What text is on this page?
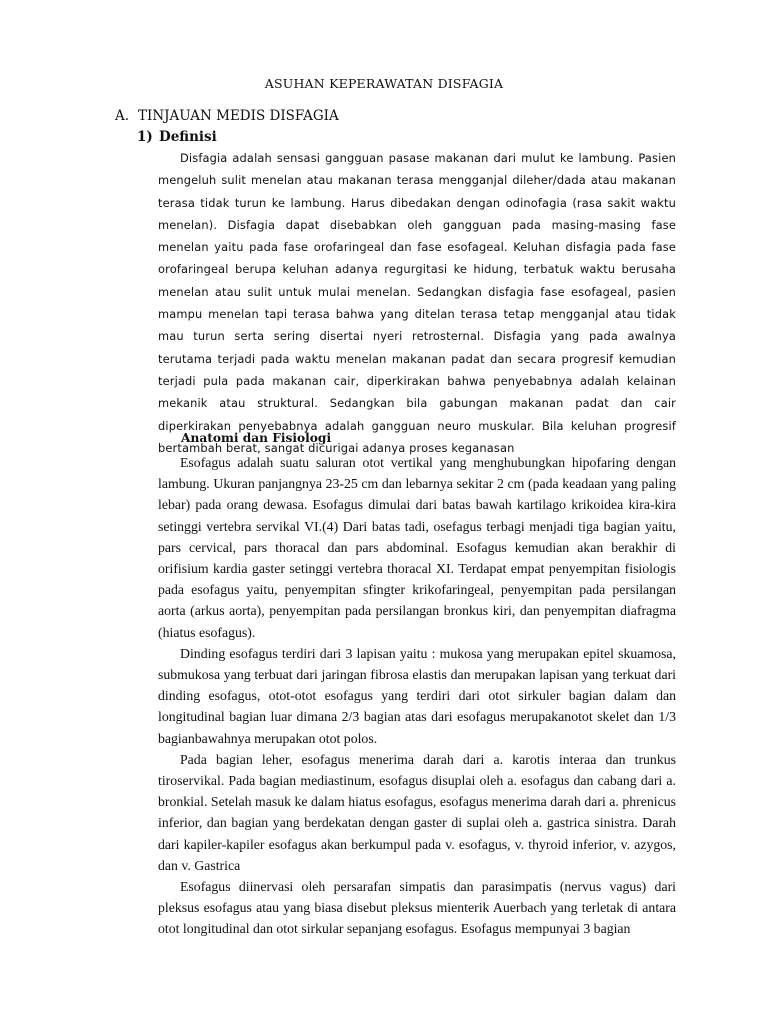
ASUHAN KEPERAWATAN DISFAGIA
A. TINJAUAN MEDIS DISFAGIA
1) Definisi

Disfagia adalah sensasi gangguan pasase makanan dari mulut ke lambung. Pasien mengeluh sulit menelan atau makanan terasa mengganjal dileher/dada atau makanan terasa tidak turun ke lambung. Harus dibedakan dengan odinofagia (rasa sakit waktu menelan). Disfagia dapat disebabkan oleh gangguan pada masing-masing fase menelan yaitu pada fase orofaringeal dan fase esofageal. Keluhan disfagia pada fase orofaringeal berupa keluhan adanya regurgitasi ke hidung, terbatuk waktu berusaha menelan atau sulit untuk mulai menelan. Sedangkan disfagia fase esofageal, pasien mampu menelan tapi terasa bahwa yang ditelan terasa tetap mengganjal atau tidak mau turun serta sering disertai nyeri retrosternal. Disfagia yang pada awalnya terutama terjadi pada waktu menelan makanan padat dan secara progresif kemudian terjadi pula pada makanan cair, diperkirakan bahwa penyebabnya adalah kelainan mekanik atau struktural. Sedangkan bila gabungan makanan padat dan cair diperkirakan penyebabnya adalah gangguan neuro muskular. Bila keluhan progresif bertambah berat, sangat dicurigai adanya proses keganasan

Anatomi dan Fisiologi

Esofagus adalah suatu saluran otot vertikal yang menghubungkan hipofaring dengan lambung. Ukuran panjangnya 23-25 cm dan lebarnya sekitar 2 cm (pada keadaan yang paling lebar) pada orang dewasa. Esofagus dimulai dari batas bawah kartilago krikoidea kira-kira setinggi vertebra servikal VI.(4) Dari batas tadi, osefagus terbagi menjadi tiga bagian yaitu, pars cervical, pars thoracal dan pars abdominal. Esofagus kemudian akan berakhir di orifisium kardia gaster setinggi vertebra thoracal XI. Terdapat empat penyempitan fisiologis pada esofagus yaitu, penyempitan sfingter krikofaringeal, penyempitan pada persilangan aorta (arkus aorta), penyempitan pada persilangan bronkus kiri, dan penyempitan diafragma (hiatus esofagus).

Dinding esofagus terdiri dari 3 lapisan yaitu : mukosa yang merupakan epitel skuamosa, submukosa yang terbuat dari jaringan fibrosa elastis dan merupakan lapisan yang terkuat dari dinding esofagus, otot-otot esofagus yang terdiri dari otot sirkuler bagian dalam dan longitudinal bagian luar dimana 2/3 bagian atas dari esofagus merupakanotot skelet dan 1/3 bagianbawahnya merupakan otot polos.

Pada bagian leher, esofagus menerima darah dari a. karotis interaa dan trunkus tiroservikal. Pada bagian mediastinum, esofagus disuplai oleh a. esofagus dan cabang dari a. bronkial. Setelah masuk ke dalam hiatus esofagus, esofagus menerima darah dari a. phrenicus inferior, dan bagian yang berdekatan dengan gaster di suplai oleh a. gastrica sinistra. Darah dari kapiler-kapiler esofagus akan berkumpul pada v. esofagus, v. thyroid inferior, v. azygos, dan v. Gastrica

Esofagus diinervasi oleh persarafan simpatis dan parasimpatis (nervus vagus) dari pleksus esofagus atau yang biasa disebut pleksus mienterik Auerbach yang terletak di antara otot longitudinal dan otot sirkular sepanjang esofagus. Esofagus mempunyai 3 bagian
